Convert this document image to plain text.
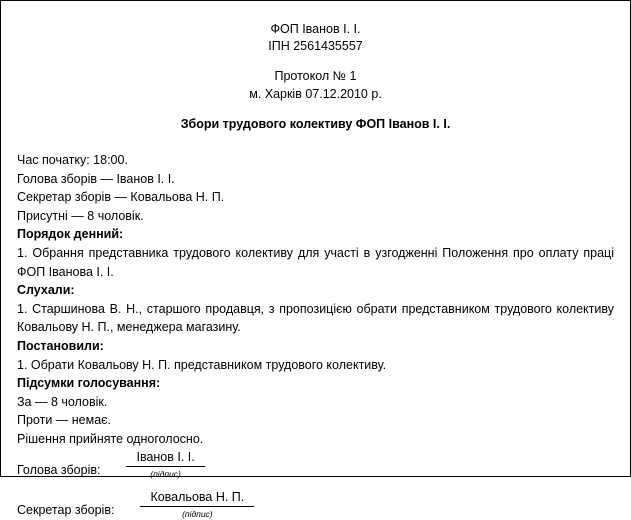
ФОП Іванов І. І.
ІПН 2561435557
Протокол № 1
м. Харків 07.12.2010 р.
Збори трудового колективу ФОП Іванов І. І.
Час початку: 18:00.
Голова зборів — Іванов І. І.
Секретар зборів — Ковальова Н. П.
Присутні — 8 чоловік.
Порядок денний:
1. Обрання представника трудового колективу для участі в узгодженні Положення про оплату праці ФОП Іванова І. І.
Слухали:
1. Старшинова В. Н., старшого продавця, з пропозицією обрати представником трудового колективу Ковальову Н. П., менеджера магазину.
Постановили:
1. Обрати Ковальову Н. П. представником трудового колективу.
Підсумки голосування:
За — 8 чоловік.
Проти — немає.
Рішення прийняте одноголосно.
Голова зборів:
Іванов І. І.
(підпис)
Секретар зборів:
Ковальова Н. П.
(підпис)
